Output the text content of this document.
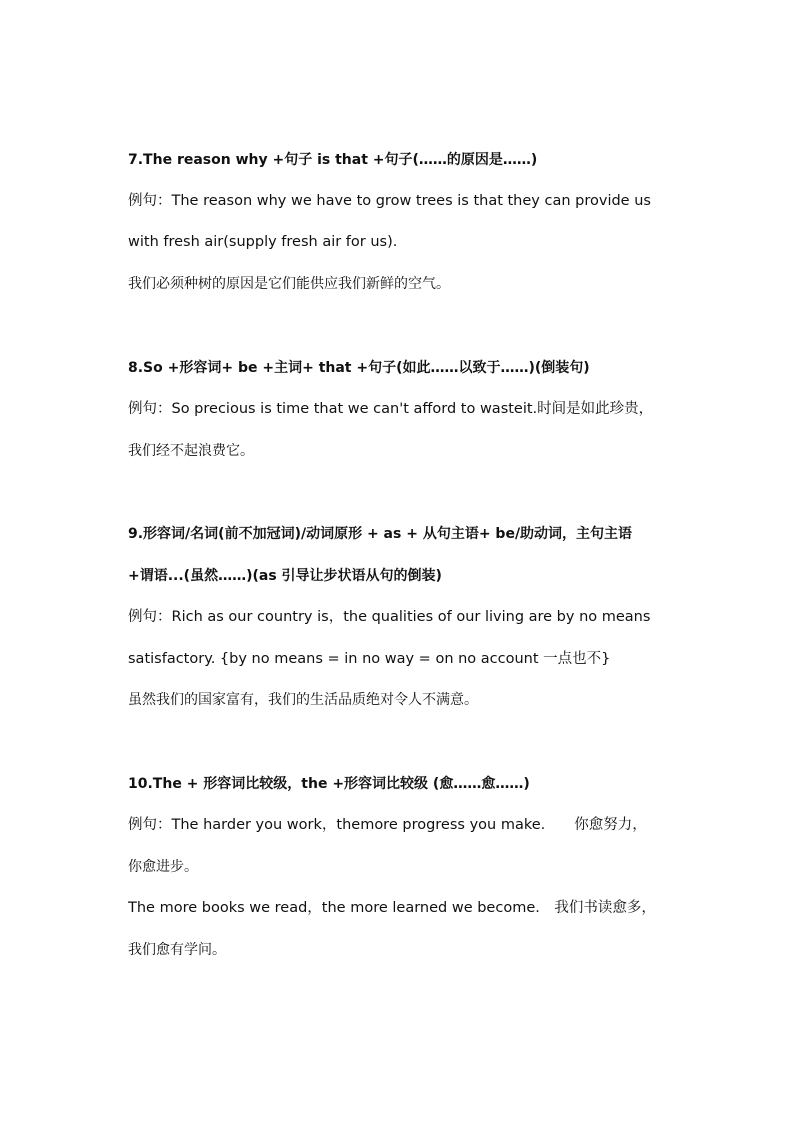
7.The reason why +句子 is that +句子(……的原因是……)
例句：The reason why we have to grow trees is that they can provide us
with fresh air(supply fresh air for us).
我们必须种树的原因是它们能供应我们新鲜的空气。
8.So +形容词+ be +主词+ that +句子(如此……以致于……)(倒装句)
例句：So precious is time that we can't afford to wasteit.时间是如此珍贵，
我们经不起浪费它。
9.形容词/名词(前不加冠词)/动词原形 + as + 从句主语+ be/助动词，主句主语
+谓语...(虽然……)(as 引导让步状语从句的倒装)
例句：Rich as our country is，the qualities of our living are by no means
satisfactory. {by no means = in no way = on no account 一点也不}
虽然我们的国家富有，我们的生活品质绝对令人不满意。
10.The + 形容词比较级，the +形容词比较级 (愈……愈……)
例句：The harder you work，themore progress you make.　　你愈努力，
你愈进步。
The more books we read，the more learned we become.　我们书读愈多，
我们愈有学问。
